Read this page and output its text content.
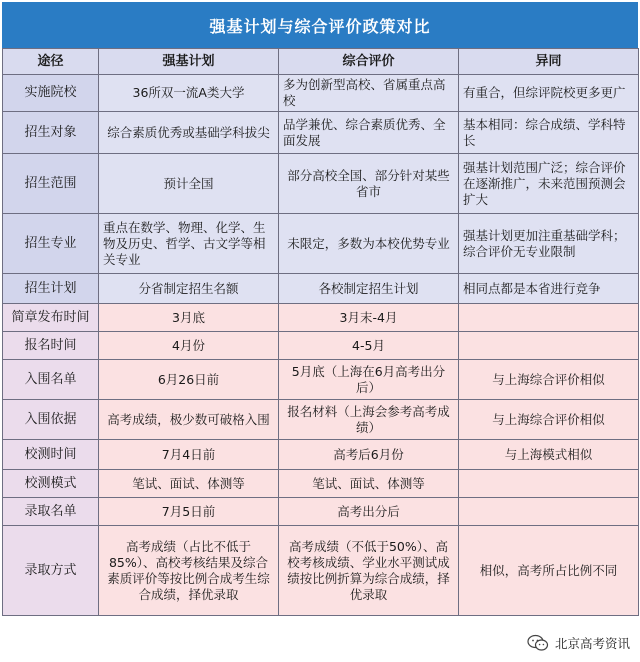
强基计划与综合评价政策对比
途径	强基计划	综合评价	异同
实施院校	36所双一流A类大学	多为创新型高校、省属重点高校	有重合，但综评院校更多更广
招生对象	综合素质优秀或基础学科拔尖	品学兼优、综合素质优秀、全面发展	基本相同：综合成绩、学科特长
招生范围	预计全国	部分高校全国、部分针对某些省市	强基计划范围广泛；综合评价在逐渐推广，未来范围预测会扩大
招生专业	重点在数学、物理、化学、生物及历史、哲学、古文学等相关专业	未限定，多数为本校优势专业	强基计划更加注重基础学科；综合评价无专业限制
招生计划	分省制定招生名额	各校制定招生计划	相同点都是本省进行竞争
简章发布时间	3月底	3月末-4月	
报名时间	4月份	4-5月	
入围名单	6月26日前	5月底（上海在6月高考出分后）	与上海综合评价相似
入围依据	高考成绩，极少数可破格入围	报名材料（上海会参考高考成绩）	与上海综合评价相似
校测时间	7月4日前	高考后6月份	与上海模式相似
校测模式	笔试、面试、体测等	笔试、面试、体测等	
录取名单	7月5日前	高考出分后	
录取方式	高考成绩（占比不低于85%）、高校考核结果及综合素质评价等按比例合成考生综合成绩，择优录取	高考成绩（不低于50%）、高校考核成绩、学业水平测试成绩按比例折算为综合成绩，择优录取	相似，高考所占比例不同
北京高考资讯
